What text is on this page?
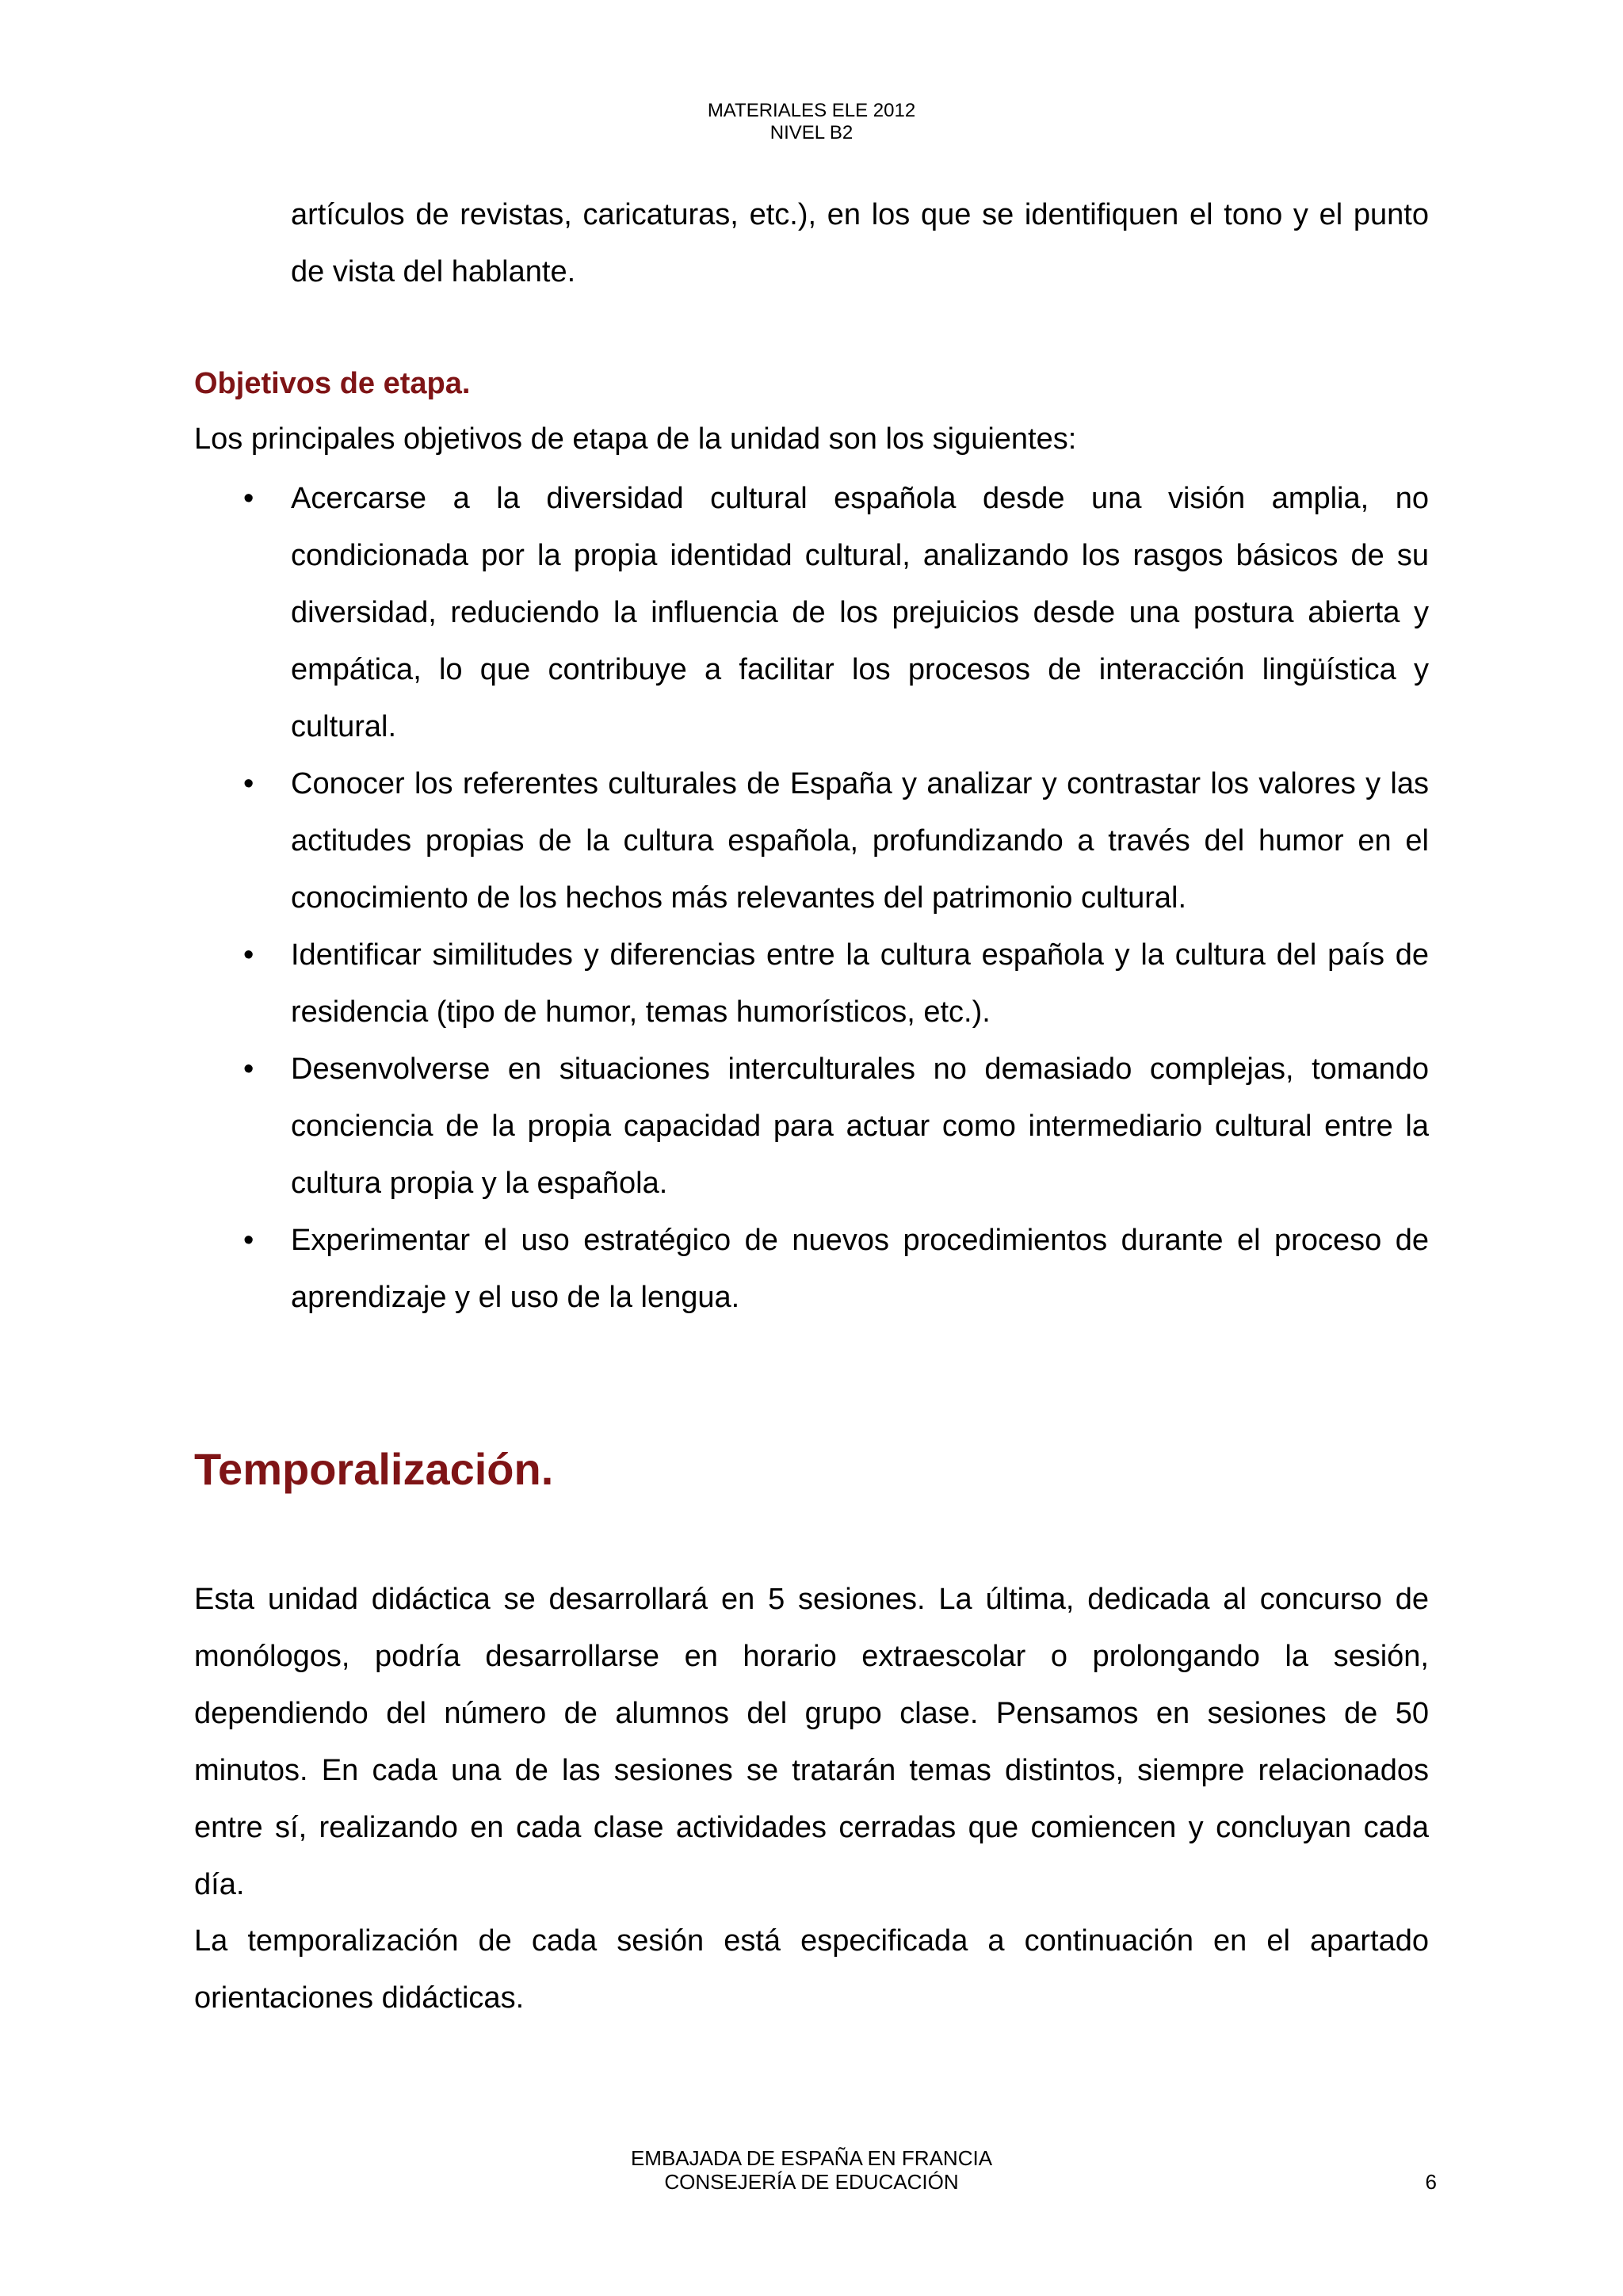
MATERIALES ELE 2012
NIVEL B2
artículos de revistas, caricaturas, etc.), en los que se identifiquen el tono y el punto de vista del hablante.
Objetivos de etapa.
Los principales objetivos de etapa de la unidad son los siguientes:
• Acercarse a la diversidad cultural española desde una visión amplia, no condicionada por la propia identidad cultural, analizando los rasgos básicos de su diversidad, reduciendo la influencia de los prejuicios desde una postura abierta y empática, lo que contribuye a facilitar los procesos de interacción lingüística y cultural.
• Conocer los referentes culturales de España y analizar y contrastar los valores y las actitudes propias de la cultura española, profundizando a través del humor en el conocimiento de los hechos más relevantes del patrimonio cultural.
• Identificar similitudes y diferencias entre la cultura española y la cultura del país de residencia (tipo de humor, temas humorísticos, etc.).
• Desenvolverse en situaciones interculturales no demasiado complejas, tomando conciencia de la propia capacidad para actuar como intermediario cultural entre la cultura propia y la española.
• Experimentar el uso estratégico de nuevos procedimientos durante el proceso de aprendizaje y el uso de la lengua.
Temporalización.
Esta unidad didáctica se desarrollará en 5 sesiones. La última, dedicada al concurso de monólogos, podría desarrollarse en horario extraescolar o prolongando la sesión, dependiendo del número de alumnos del grupo clase. Pensamos en sesiones de 50 minutos. En cada una de las sesiones se tratarán temas distintos, siempre relacionados entre sí, realizando en cada clase actividades cerradas que comiencen y concluyan cada día.
La temporalización de cada sesión está especificada a continuación en el apartado orientaciones didácticas.
EMBAJADA DE ESPAÑA EN FRANCIA
CONSEJERÍA DE EDUCACIÓN	6
